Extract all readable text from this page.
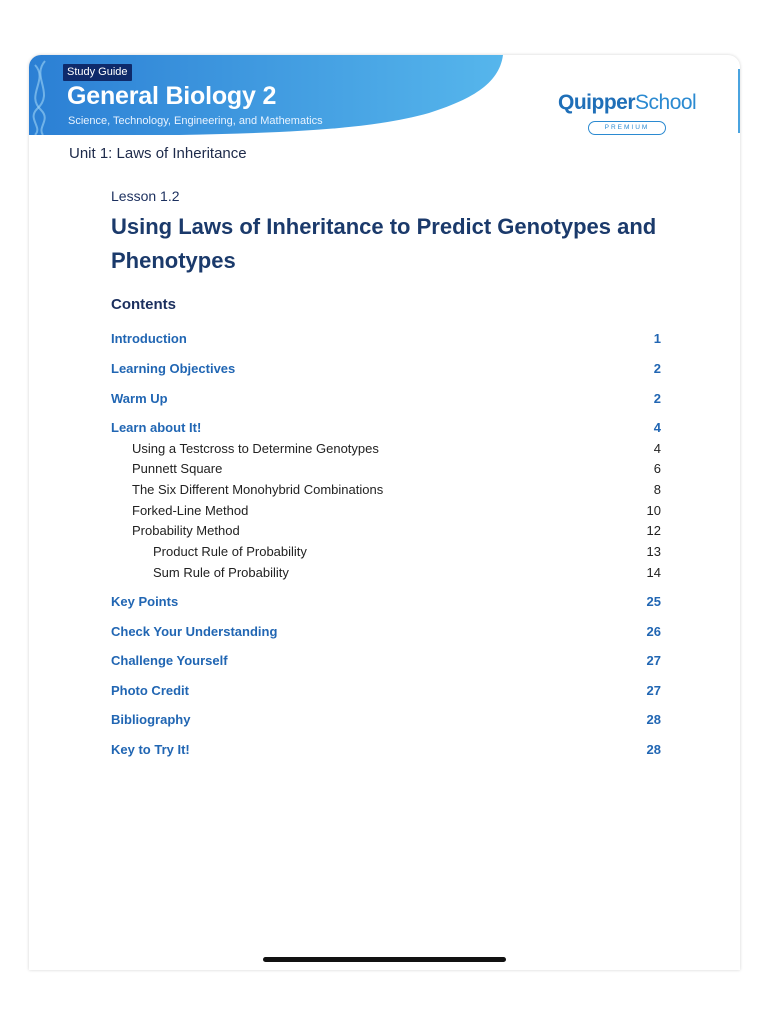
Study Guide
General Biology 2
Science, Technology, Engineering, and Mathematics
QuipperSchool
PREMIUM
Unit 1: Laws of Inheritance
Lesson 1.2
Using Laws of Inheritance to Predict Genotypes and Phenotypes
Contents
Introduction	1
Learning Objectives	2
Warm Up	2
Learn about It!	4
Using a Testcross to Determine Genotypes	4
Punnett Square	6
The Six Different Monohybrid Combinations	8
Forked-Line Method	10
Probability Method	12
Product Rule of Probability	13
Sum Rule of Probability	14
Key Points	25
Check Your Understanding	26
Challenge Yourself	27
Photo Credit	27
Bibliography	28
Key to Try It!	28
